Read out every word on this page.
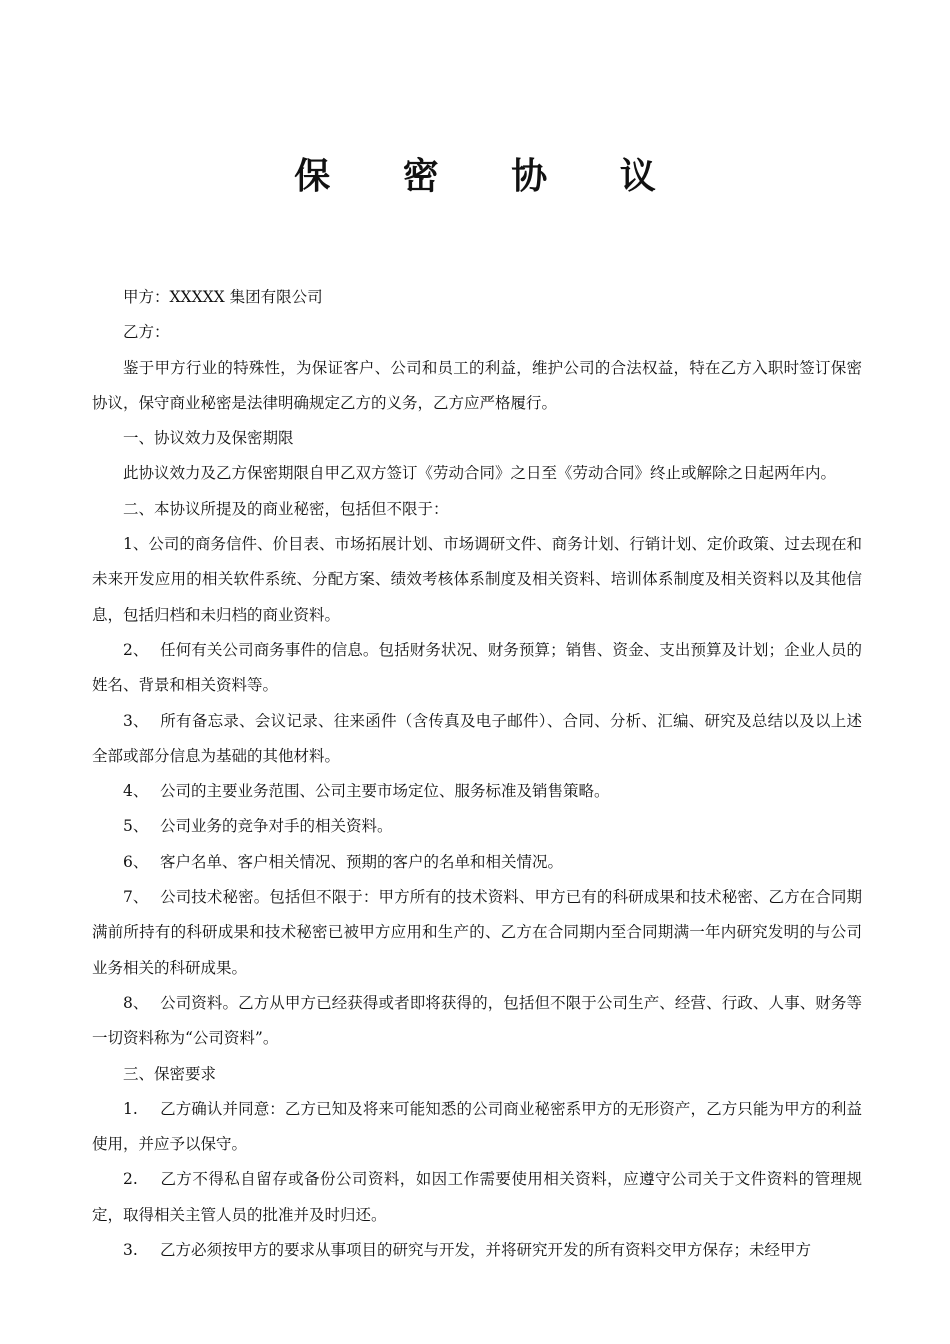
保 密 协 议

甲方：XXXXX 集团有限公司

乙方：

鉴于甲方行业的特殊性，为保证客户、公司和员工的利益，维护公司的合法权益，特在乙方入职时签订保密协议，保守商业秘密是法律明确规定乙方的义务，乙方应严格履行。

一、协议效力及保密期限

此协议效力及乙方保密期限自甲乙双方签订《劳动合同》之日至《劳动合同》终止或解除之日起两年内。

二、本协议所提及的商业秘密，包括但不限于：

1、公司的商务信件、价目表、市场拓展计划、市场调研文件、商务计划、行销计划、定价政策、过去现在和未来开发应用的相关软件系统、分配方案、绩效考核体系制度及相关资料、培训体系制度及相关资料以及其他信息，包括归档和未归档的商业资料。

2、 任何有关公司商务事件的信息。包括财务状况、财务预算；销售、资金、支出预算及计划；企业人员的姓名、背景和相关资料等。

3、 所有备忘录、会议记录、往来函件（含传真及电子邮件）、合同、分析、汇编、研究及总结以及以上述全部或部分信息为基础的其他材料。

4、 公司的主要业务范围、公司主要市场定位、服务标准及销售策略。

5、 公司业务的竞争对手的相关资料。

6、 客户名单、客户相关情况、预期的客户的名单和相关情况。

7、 公司技术秘密。包括但不限于：甲方所有的技术资料、甲方已有的科研成果和技术秘密、乙方在合同期满前所持有的科研成果和技术秘密已被甲方应用和生产的、乙方在合同期内至合同期满一年内研究发明的与公司业务相关的科研成果。

8、 公司资料。乙方从甲方已经获得或者即将获得的，包括但不限于公司生产、经营、行政、人事、财务等一切资料称为“公司资料”。

三、保密要求

1. 乙方确认并同意：乙方已知及将来可能知悉的公司商业秘密系甲方的无形资产，乙方只能为甲方的利益使用，并应予以保守。

2. 乙方不得私自留存或备份公司资料，如因工作需要使用相关资料，应遵守公司关于文件资料的管理规定，取得相关主管人员的批准并及时归还。

3. 乙方必须按甲方的要求从事项目的研究与开发，并将研究开发的所有资料交甲方保存；未经甲方
